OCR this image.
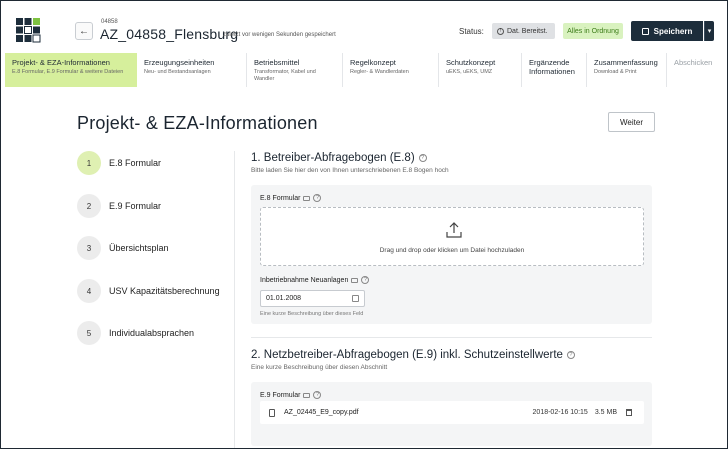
←
04858
AZ_04858_Flensburg
zuletzt vor wenigen Sekunden gespeichert	Status:	! Dat. Bereitst.	Alles in Ordnung	Speichern ▾
Projekt- & EZA-Informationen
E.8 Formular, E.9 Formular & weitere Dateien
Erzeugungseinheiten
Neu- und Bestandsanlagen
Betriebsmittel
Transformator, Kabel und Wandler
Regelkonzept
Regler- & Wandlerdaten
Schutzkonzept
uEKS, uEKS, UMZ
Ergänzende Informationen
Zusammenfassung
Download & Print
Abschicken
Projekt- & EZA-Informationen	Weiter
1	E.8 Formular
2	E.9 Formular
3	Übersichtsplan
4	USV Kapazitätsberechnung
5	Individualabsprachen
1. Betreiber-Abfragebogen (E.8)	?
Bitte laden Sie hier den von Ihnen unterschriebenen E.8 Bogen hoch
E.8 Formular	?
Drag und drop oder klicken um Datei hochzuladen
Inbetriebnahme Neuanlagen	?
01.01.2008
Eine kurze Beschreibung über dieses Feld
2. Netzbetreiber-Abfragebogen (E.9) inkl. Schutzeinstellwerte	?
Eine kurze Beschreibung über diesen Abschnitt
E.9 Formular	?
AZ_02445_E9_copy.pdf	2018-02-16 10:15 3.5 MB
